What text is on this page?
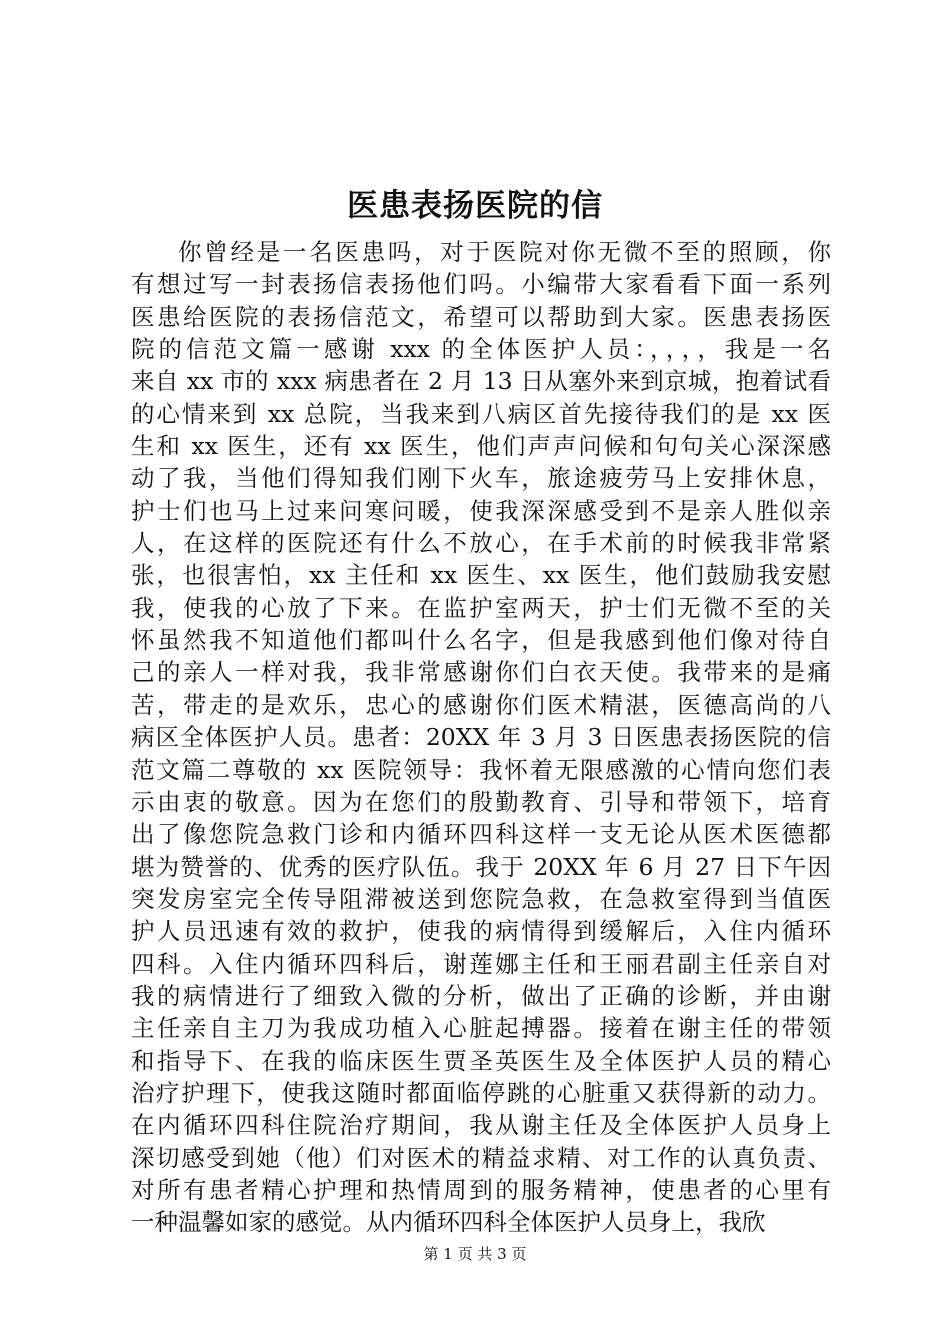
医患表扬医院的信
你曾经是一名医患吗，对于医院对你无微不至的照顾，你
有想过写一封表扬信表扬他们吗。小编带大家看看下面一系列
医患给医院的表扬信范文，希望可以帮助到大家。医患表扬医
院的信范文篇一感谢 xxx 的全体医护人员：，，，，我是一名
来自 xx 市的 xxx 病患者在 2 月 13 日从塞外来到京城，抱着试看
的心情来到 xx 总院，当我来到八病区首先接待我们的是 xx 医
生和 xx 医生，还有 xx 医生，他们声声问候和句句关心深深感
动了我，当他们得知我们刚下火车，旅途疲劳马上安排休息，
护士们也马上过来问寒问暖，使我深深感受到不是亲人胜似亲
人，在这样的医院还有什么不放心，在手术前的时候我非常紧
张，也很害怕，xx 主任和 xx 医生、xx 医生，他们鼓励我安慰
我，使我的心放了下来。在监护室两天，护士们无微不至的关
怀虽然我不知道他们都叫什么名字，但是我感到他们像对待自
己的亲人一样对我，我非常感谢你们白衣天使。我带来的是痛
苦，带走的是欢乐，忠心的感谢你们医术精湛，医德高尚的八
病区全体医护人员。患者：20XX 年 3 月 3 日医患表扬医院的信
范文篇二尊敬的 xx 医院领导：我怀着无限感激的心情向您们表
示由衷的敬意。因为在您们的殷勤教育、引导和带领下，培育
出了像您院急救门诊和内循环四科这样一支无论从医术医德都
堪为赞誉的、优秀的医疗队伍。我于 20XX 年 6 月 27 日下午因
突发房室完全传导阻滞被送到您院急救，在急救室得到当值医
护人员迅速有效的救护，使我的病情得到缓解后，入住内循环
四科。入住内循环四科后，谢莲娜主任和王丽君副主任亲自对
我的病情进行了细致入微的分析，做出了正确的诊断，并由谢
主任亲自主刀为我成功植入心脏起搏器。接着在谢主任的带领
和指导下、在我的临床医生贾圣英医生及全体医护人员的精心
治疗护理下，使我这随时都面临停跳的心脏重又获得新的动力。
在内循环四科住院治疗期间，我从谢主任及全体医护人员身上
深切感受到她（他）们对医术的精益求精、对工作的认真负责、
对所有患者精心护理和热情周到的服务精神，使患者的心里有
一种温馨如家的感觉。从内循环四科全体医护人员身上，我欣
第 1 页 共 3 页
